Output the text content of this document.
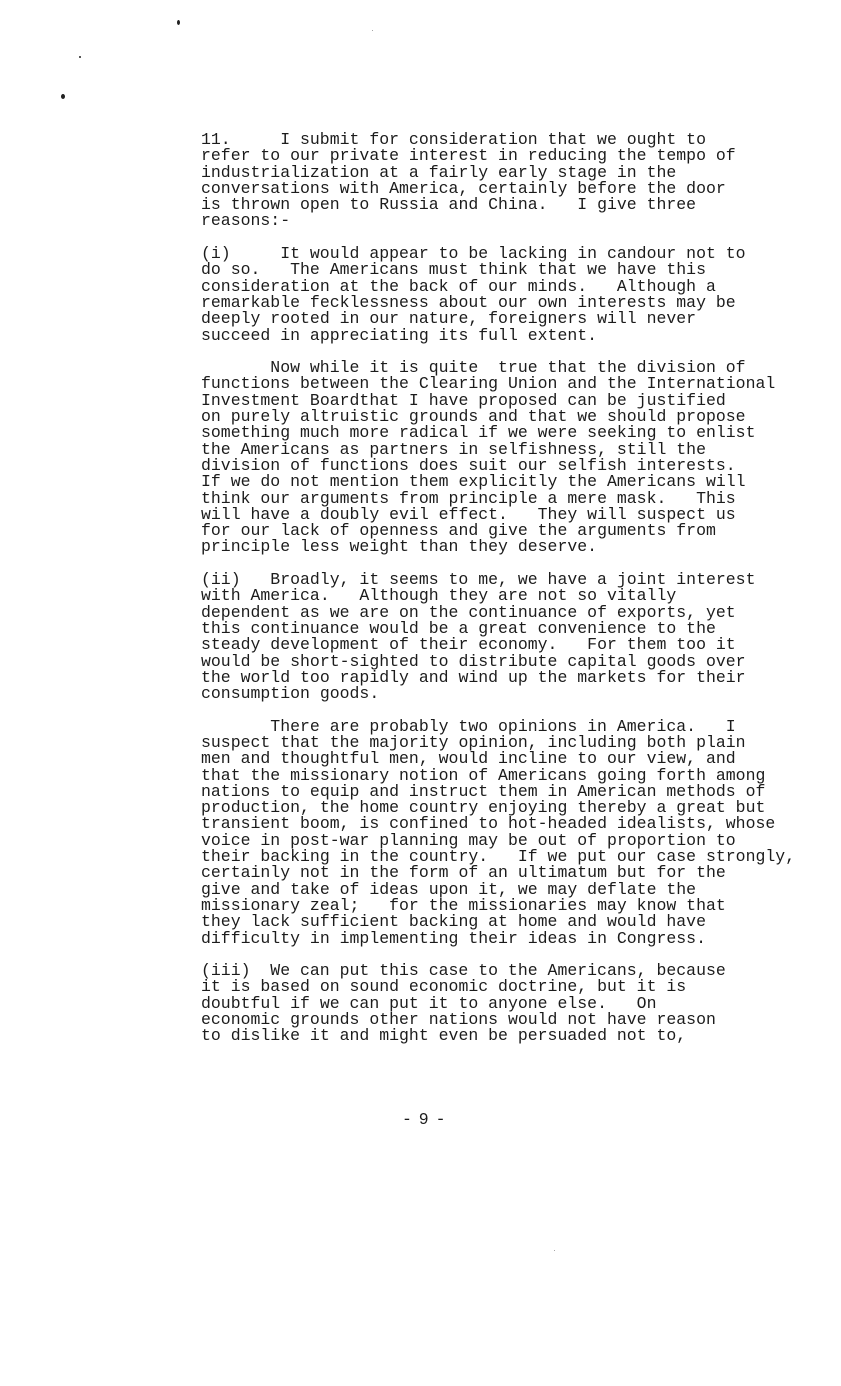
11.	I submit for consideration that we ought to
refer to our private interest in reducing the tempo of
industrialization at a fairly early stage in the
conversations with America, certainly before the door
is thrown open to Russia and China.   I give three
reasons:-
(i)	It would appear to be lacking in candour not to
do so.   The Americans must think that we have this
consideration at the back of our minds.   Although a
remarkable fecklessness about our own interests may be
deeply rooted in our nature, foreigners will never
succeed in appreciating its full extent.
Now while it is quite  true that the division of
functions between the Clearing Union and the International
Investment Boardthat I have proposed can be justified
on purely altruistic grounds and that we should propose
something much more radical if we were seeking to enlist
the Americans as partners in selfishness, still the
division of functions does suit our selfish interests.
If we do not mention them explicitly the Americans will
think our arguments from principle a mere mask.   This
will have a doubly evil effect.   They will suspect us
for our lack of openness and give the arguments from
principle less weight than they deserve.
(ii) Broadly, it seems to me, we have a joint interest
with America.   Although they are not so vitally
dependent as we are on the continuance of exports, yet
this continuance would be a great convenience to the
steady development of their economy.   For them too it
would be short-sighted to distribute capital goods over
the world too rapidly and wind up the markets for their
consumption goods.
There are probably two opinions in America.   I
suspect that the majority opinion, including both plain
men and thoughtful men, would incline to our view, and
that the missionary notion of Americans going forth among
nations to equip and instruct them in American methods of
production, the home country enjoying thereby a great but
transient boom, is confined to hot-headed idealists, whose
voice in post-war planning may be out of proportion to
their backing in the country.   If we put our case strongly,
certainly not in the form of an ultimatum but for the
give and take of ideas upon it, we may deflate the
missionary zeal;   for the missionaries may know that
they lack sufficient backing at home and would have
difficulty in implementing their ideas in Congress.
(iii) We can put this case to the Americans, because
it is based on sound economic doctrine, but it is
doubtful if we can put it to anyone else.   On
economic grounds other nations would not have reason
to dislike it and might even be persuaded not to,
- 9 -
